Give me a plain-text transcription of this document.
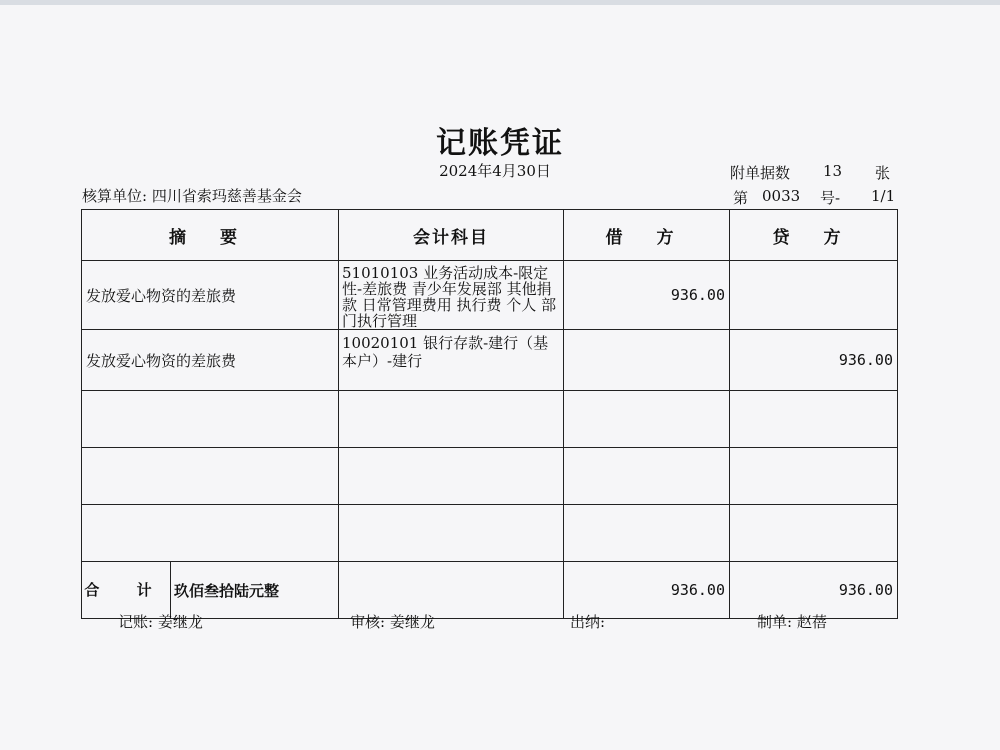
记账凭证
2024年4月30日	附单据数 13 张
核算单位: 四川省索玛慈善基金会	第 0033 号- 1/1
摘 要	会计科目	借 方	贷 方
发放爱心物资的差旅费	51010103 业务活动成本-限定性-差旅费 青少年发展部 其他捐款 日常管理费用 执行费 个人 部门执行管理	936.00	
发放爱心物资的差旅费	10020101 银行存款-建行（基本户）-建行		936.00

合 计 玖佰叁拾陆元整		936.00	936.00
记账: 姜继龙	审核: 姜继龙	出纳:	制单: 赵蓓
